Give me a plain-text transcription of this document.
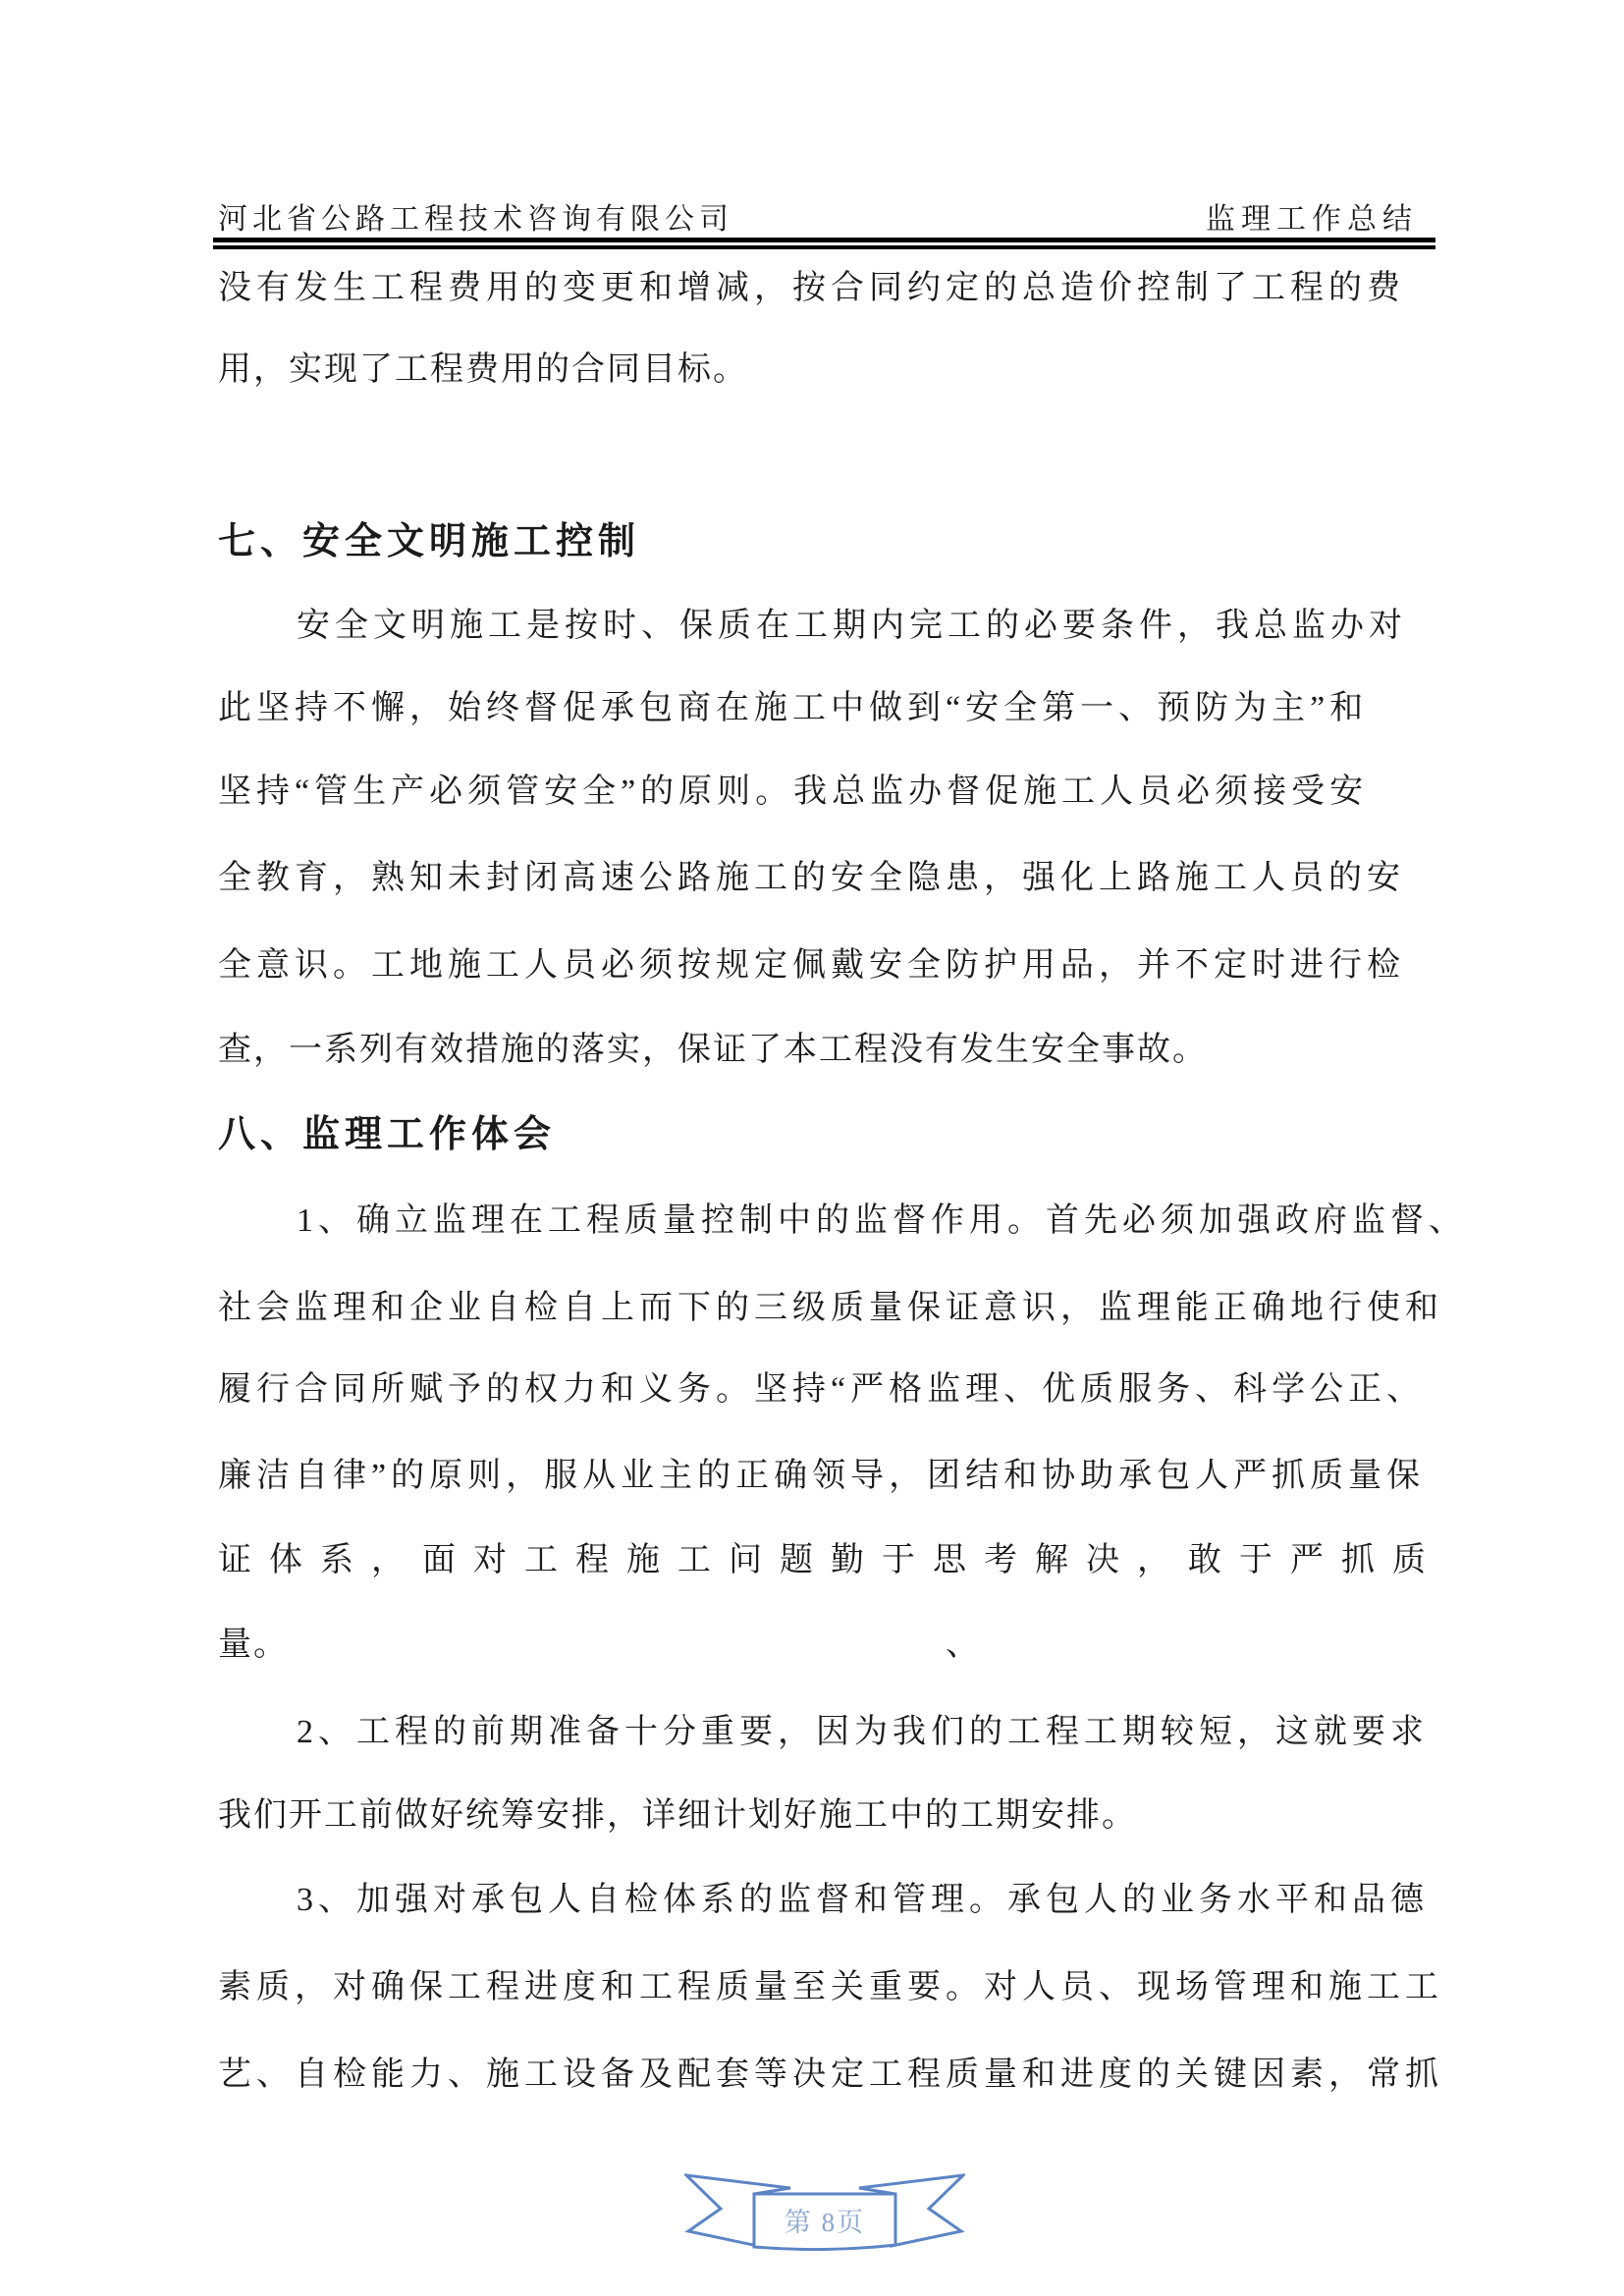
河北省公路工程技术咨询有限公司	监理工作总结
没有发生工程费用的变更和增减，按合同约定的总造价控制了工程的费
用，实现了工程费用的合同目标。
七、安全文明施工控制
安全文明施工是按时、保质在工期内完工的必要条件，我总监办对
此坚持不懈，始终督促承包商在施工中做到“安全第一、预防为主”和
坚持“管生产必须管安全”的原则。我总监办督促施工人员必须接受安
全教育，熟知未封闭高速公路施工的安全隐患，强化上路施工人员的安
全意识。工地施工人员必须按规定佩戴安全防护用品，并不定时进行检
查，一系列有效措施的落实，保证了本工程没有发生安全事故。
八、监理工作体会
1、确立监理在工程质量控制中的监督作用。首先必须加强政府监督、
社会监理和企业自检自上而下的三级质量保证意识，监理能正确地行使和
履行合同所赋予的权力和义务。坚持“严格监理、优质服务、科学公正、
廉洁自律”的原则，服从业主的正确领导，团结和协助承包人严抓质量保
证体系，面对工程施工问题勤于思考解决，敢于严抓质
量。	、
2、工程的前期准备十分重要，因为我们的工程工期较短，这就要求
我们开工前做好统筹安排，详细计划好施工中的工期安排。
3、加强对承包人自检体系的监督和管理。承包人的业务水平和品德
素质，对确保工程进度和工程质量至关重要。对人员、现场管理和施工工
艺、自检能力、施工设备及配套等决定工程质量和进度的关键因素，常抓
第 8页
